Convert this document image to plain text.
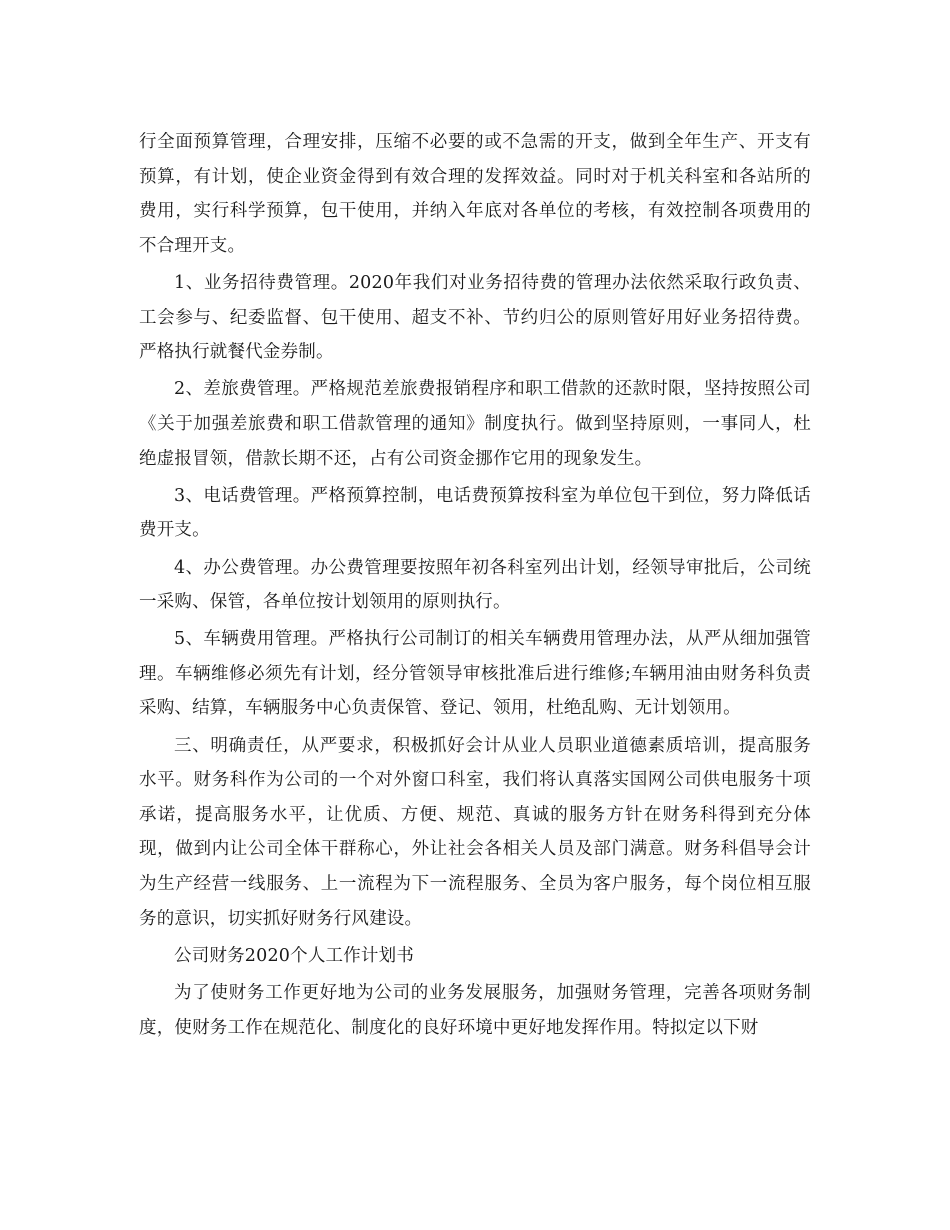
行全面预算管理，合理安排，压缩不必要的或不急需的开支，做到全年生产、开支有预算，有计划，使企业资金得到有效合理的发挥效益。同时对于机关科室和各站所的费用，实行科学预算，包干使用，并纳入年底对各单位的考核，有效控制各项费用的不合理开支。

1、业务招待费管理。2020年我们对业务招待费的管理办法依然采取行政负责、工会参与、纪委监督、包干使用、超支不补、节约归公的原则管好用好业务招待费。严格执行就餐代金券制。

2、差旅费管理。严格规范差旅费报销程序和职工借款的还款时限，坚持按照公司《关于加强差旅费和职工借款管理的通知》制度执行。做到坚持原则，一事同人，杜绝虚报冒领，借款长期不还，占有公司资金挪作它用的现象发生。

3、电话费管理。严格预算控制，电话费预算按科室为单位包干到位，努力降低话费开支。

4、办公费管理。办公费管理要按照年初各科室列出计划，经领导审批后，公司统一采购、保管，各单位按计划领用的原则执行。

5、车辆费用管理。严格执行公司制订的相关车辆费用管理办法，从严从细加强管理。车辆维修必须先有计划，经分管领导审核批准后进行维修;车辆用油由财务科负责采购、结算，车辆服务中心负责保管、登记、领用，杜绝乱购、无计划领用。

三、明确责任，从严要求，积极抓好会计从业人员职业道德素质培训，提高服务水平。财务科作为公司的一个对外窗口科室，我们将认真落实国网公司供电服务十项承诺，提高服务水平，让优质、方便、规范、真诚的服务方针在财务科得到充分体现，做到内让公司全体干群称心，外让社会各相关人员及部门满意。财务科倡导会计为生产经营一线服务、上一流程为下一流程服务、全员为客户服务，每个岗位相互服务的意识，切实抓好财务行风建设。

公司财务2020个人工作计划书

为了使财务工作更好地为公司的业务发展服务，加强财务管理，完善各项财务制度，使财务工作在规范化、制度化的良好环境中更好地发挥作用。特拟定以下财
